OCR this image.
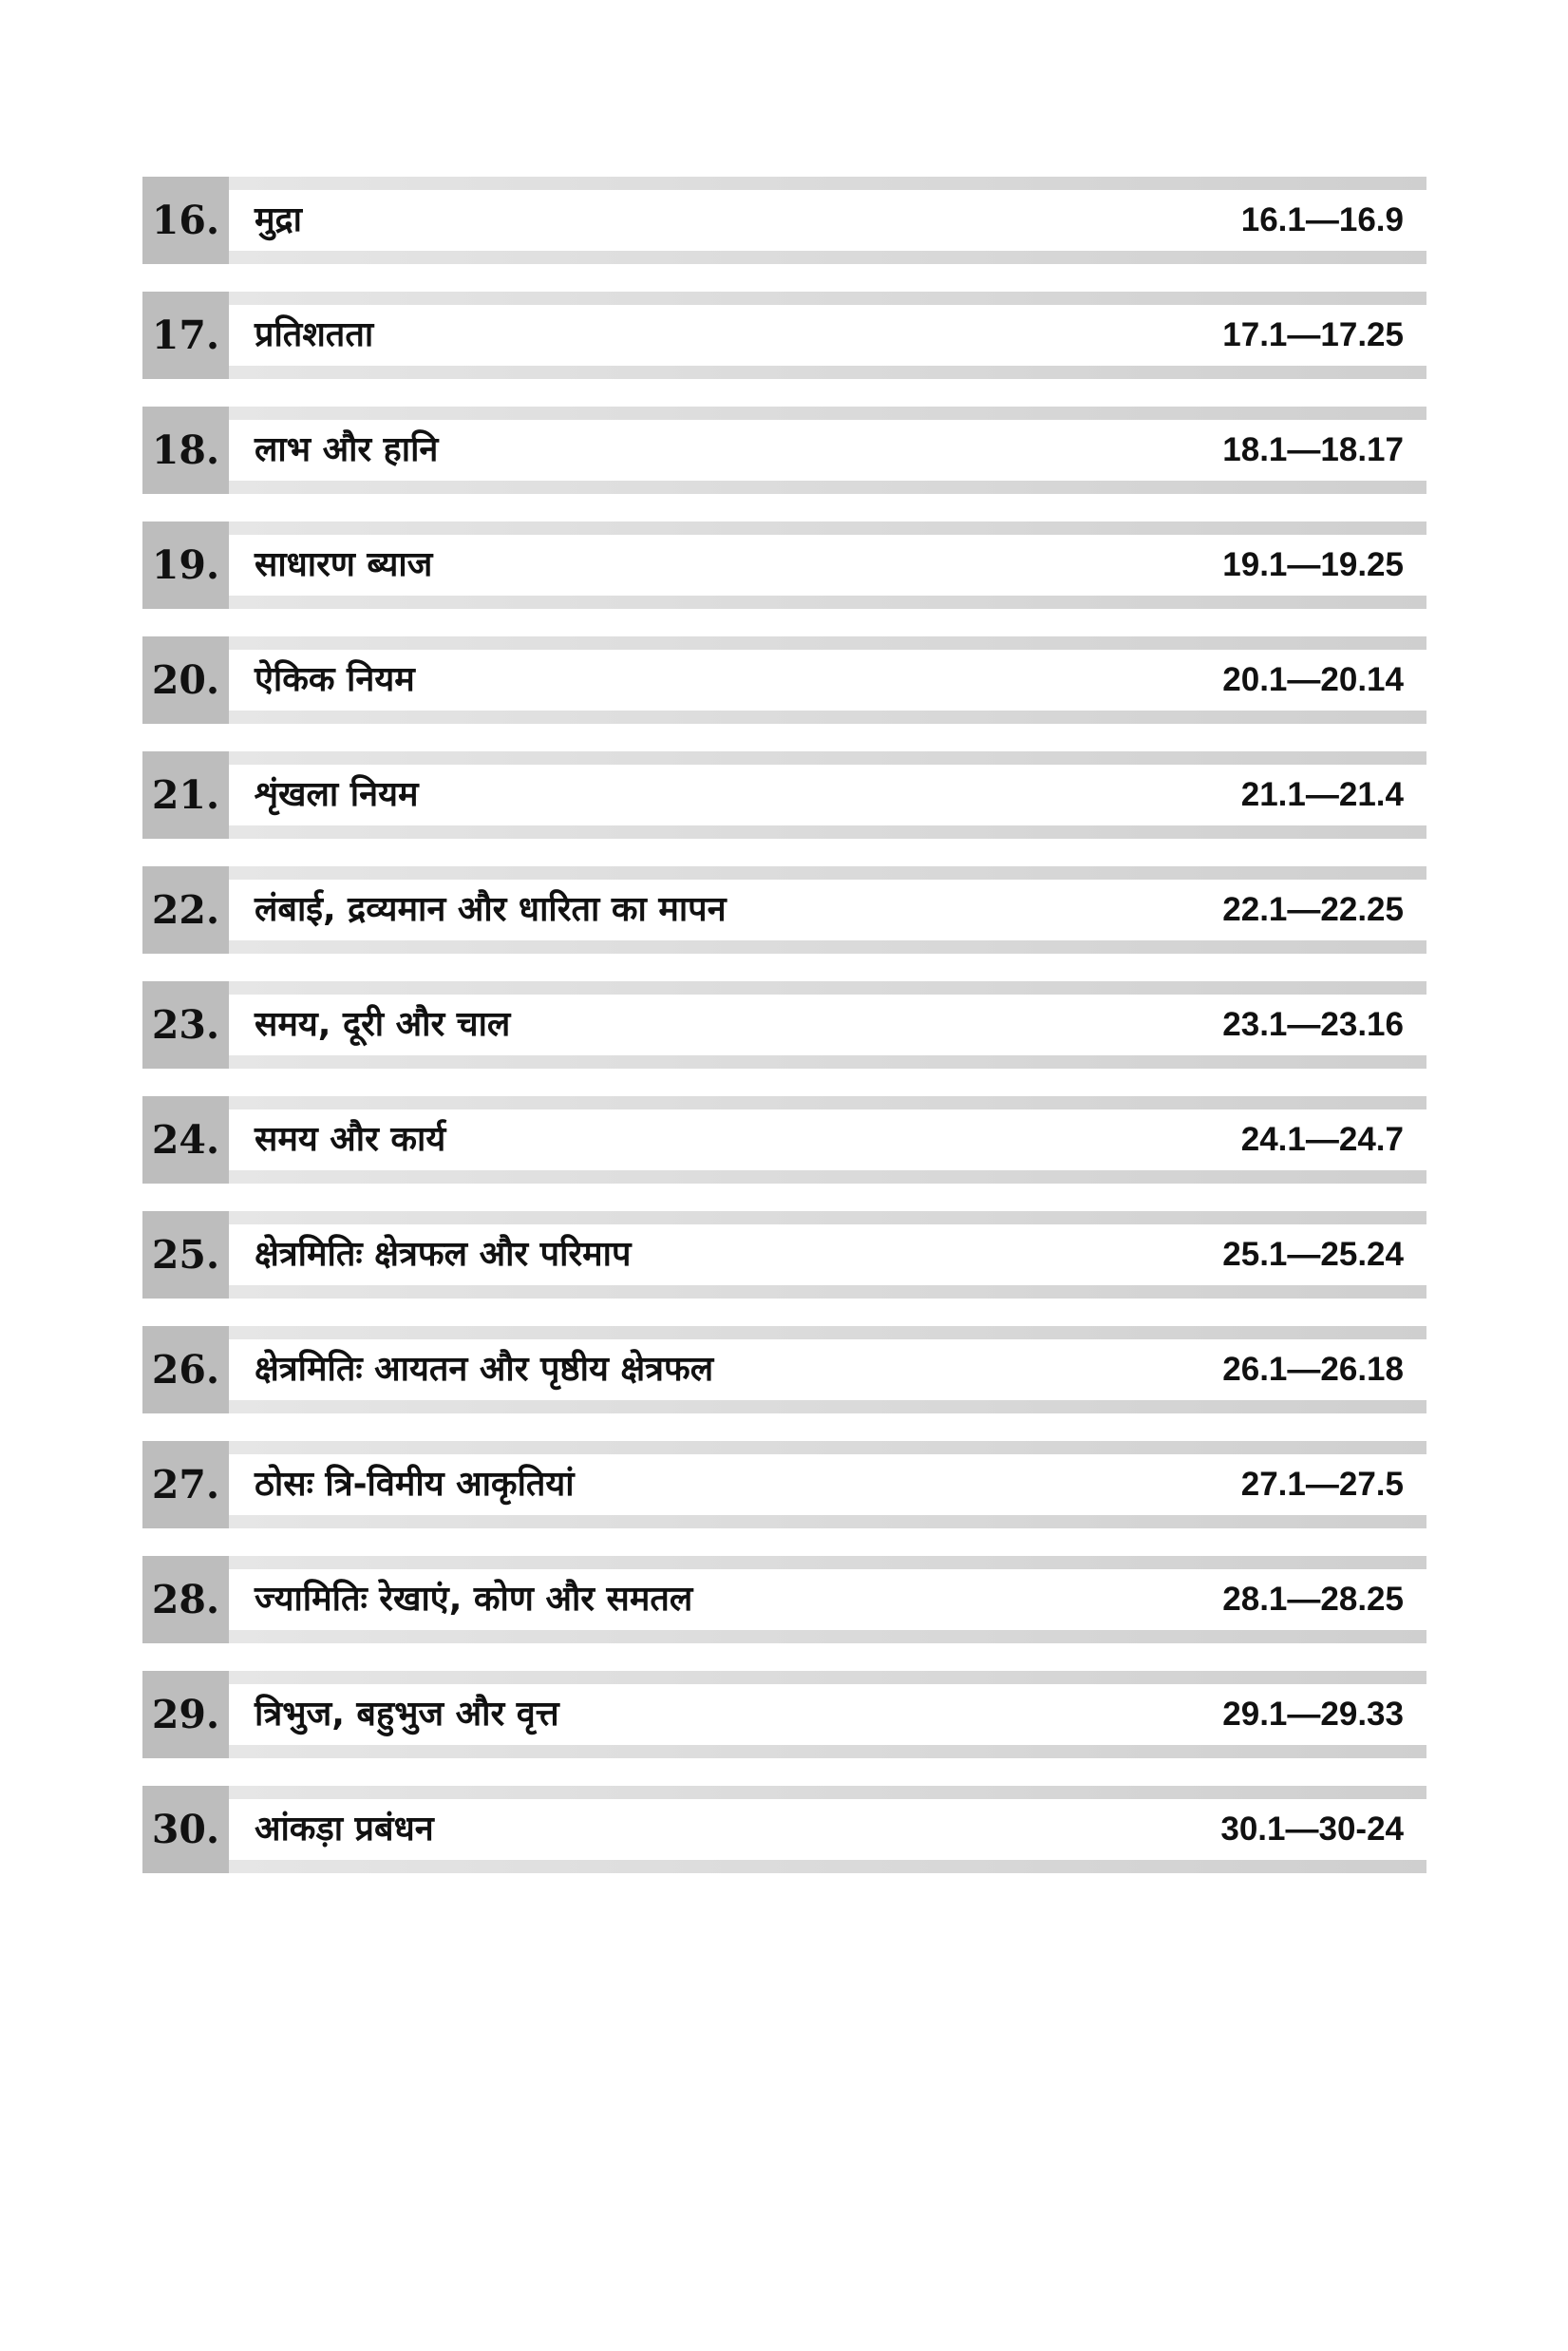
16. मुद्रा	16.1—16.9
17. प्रतिशतता	17.1—17.25
18. लाभ और हानि	18.1—18.17
19. साधारण ब्याज	19.1—19.25
20. ऐकिक नियम	20.1—20.14
21. शृंखला नियम	21.1—21.4
22. लंबाई, द्रव्यमान और धारिता का मापन	22.1—22.25
23. समय, दूरी और चाल	23.1—23.16
24. समय और कार्य	24.1—24.7
25. क्षेत्रमितिः क्षेत्रफल और परिमाप	25.1—25.24
26. क्षेत्रमितिः आयतन और पृष्ठीय क्षेत्रफल	26.1—26.18
27. ठोसः त्रि-विमीय आकृतियां	27.1—27.5
28. ज्यामितिः रेखाएं, कोण और समतल	28.1—28.25
29. त्रिभुज, बहुभुज और वृत्त	29.1—29.33
30. आंकड़ा प्रबंधन	30.1—30-24
